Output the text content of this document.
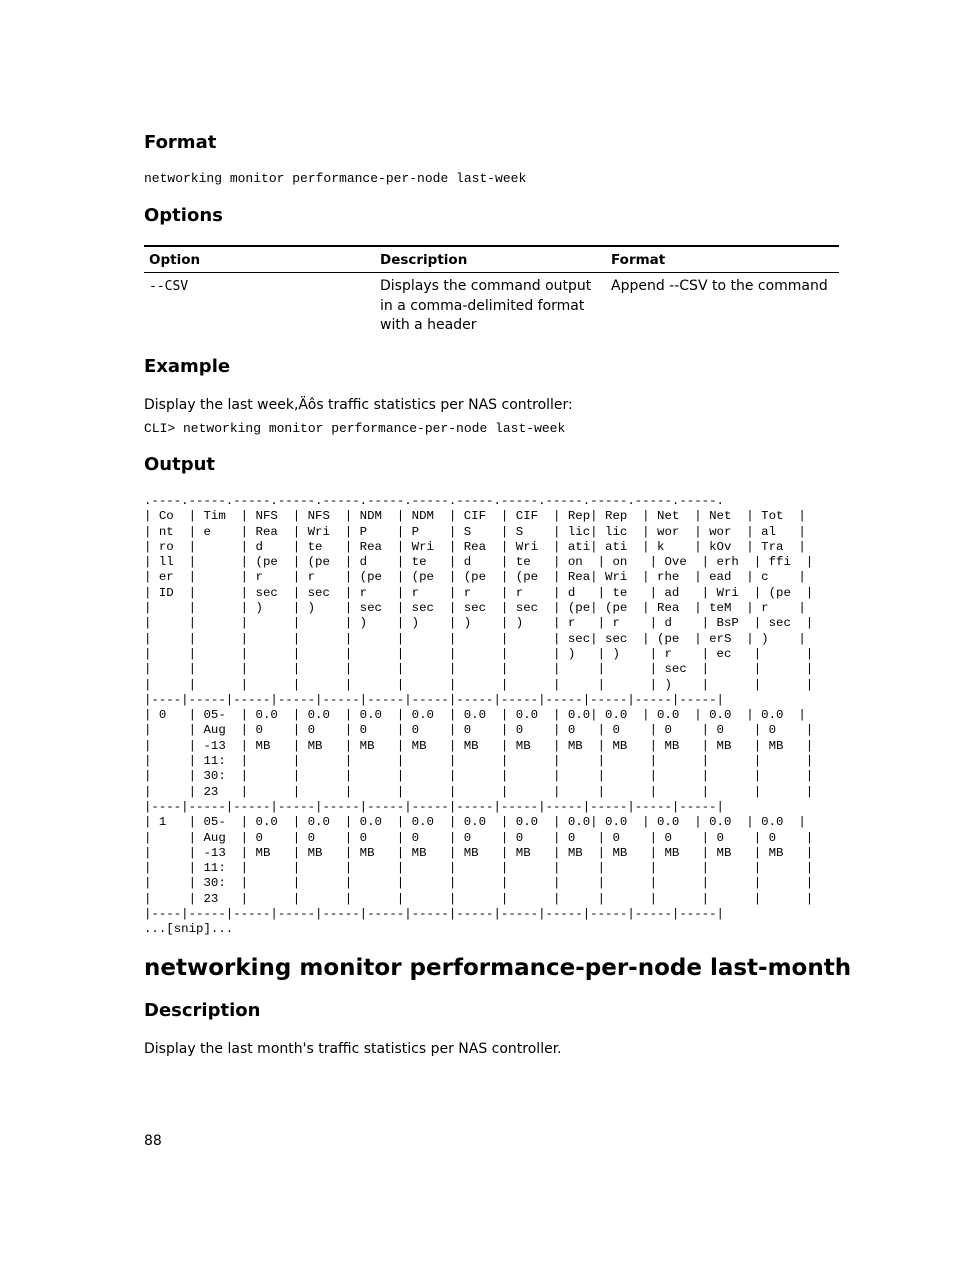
Format
networking monitor performance-per-node last-week
Options
Option	Description	Format
--CSV	Displays the command output in a comma-delimited format with a header	Append --CSV to the command
Example
Display the last week,Äôs traffic statistics per NAS controller:
CLI> networking monitor performance-per-node last-week
Output
.----.-----.-----.-----.-----.-----.-----.-----.-----.-----.-----.-----.-----.
| Co  | Tim  | NFS  | NFS  | NDM  | NDM  | CIF  | CIF  | Rep| Rep  | Net  | Net  | Tot  |
| nt  | e    | Rea  | Wri  | P    | P    | S    | S    | lic| lic  | wor  | wor  | al   |
| ro  |      | d    | te   | Rea  | Wri  | Rea  | Wri  | ati| ati  | k    | kOv  | Tra  |
| ll  |      | (pe  | (pe  | d    | te   | d    | te   | on  | on   | Ove  | erh  | ffi  |
| er  |      | r    | r    | (pe  | (pe  | (pe  | (pe  | Rea| Wri  | rhe  | ead  | c    |
| ID  |      | sec  | sec  | r    | r    | r    | r    | d   | te   | ad   | Wri  | (pe  |
|     |      | )    | )    | sec  | sec  | sec  | sec  | (pe| (pe  | Rea  | teM  | r    |
|     |      |      |      | )    | )    | )    | )    | r   | r    | d    | BsP  | sec  |
|     |      |      |      |      |      |      |      | sec| sec  | (pe  | erS  | )    |
|     |      |      |      |      |      |      |      | )   | )    | r    | ec   |      |
|     |      |      |      |      |      |      |      |     |      | sec  |      |      |
|     |      |      |      |      |      |      |      |     |      | )    |      |      |
|----|-----|-----|-----|-----|-----|-----|-----|-----|-----|-----|-----|-----|
| 0   | 05-  | 0.0  | 0.0  | 0.0  | 0.0  | 0.0  | 0.0  | 0.0| 0.0  | 0.0  | 0.0  | 0.0  |
|     | Aug  | 0    | 0    | 0    | 0    | 0    | 0    | 0   | 0    | 0    | 0    | 0    |
|     | -13  | MB   | MB   | MB   | MB   | MB   | MB   | MB  | MB   | MB   | MB   | MB   |
|     | 11:  |      |      |      |      |      |      |     |      |      |      |      |
|     | 30:  |      |      |      |      |      |      |     |      |      |      |      |
|     | 23   |      |      |      |      |      |      |     |      |      |      |      |
|----|-----|-----|-----|-----|-----|-----|-----|-----|-----|-----|-----|-----|
| 1   | 05-  | 0.0  | 0.0  | 0.0  | 0.0  | 0.0  | 0.0  | 0.0| 0.0  | 0.0  | 0.0  | 0.0  |
|     | Aug  | 0    | 0    | 0    | 0    | 0    | 0    | 0   | 0    | 0    | 0    | 0    |
|     | -13  | MB   | MB   | MB   | MB   | MB   | MB   | MB  | MB   | MB   | MB   | MB   |
|     | 11:  |      |      |      |      |      |      |     |      |      |      |      |
|     | 30:  |      |      |      |      |      |      |     |      |      |      |      |
|     | 23   |      |      |      |      |      |      |     |      |      |      |      |
|----|-----|-----|-----|-----|-----|-----|-----|-----|-----|-----|-----|-----|
...[snip]...
networking monitor performance-per-node last-month
Description
Display the last month's traffic statistics per NAS controller.
88
